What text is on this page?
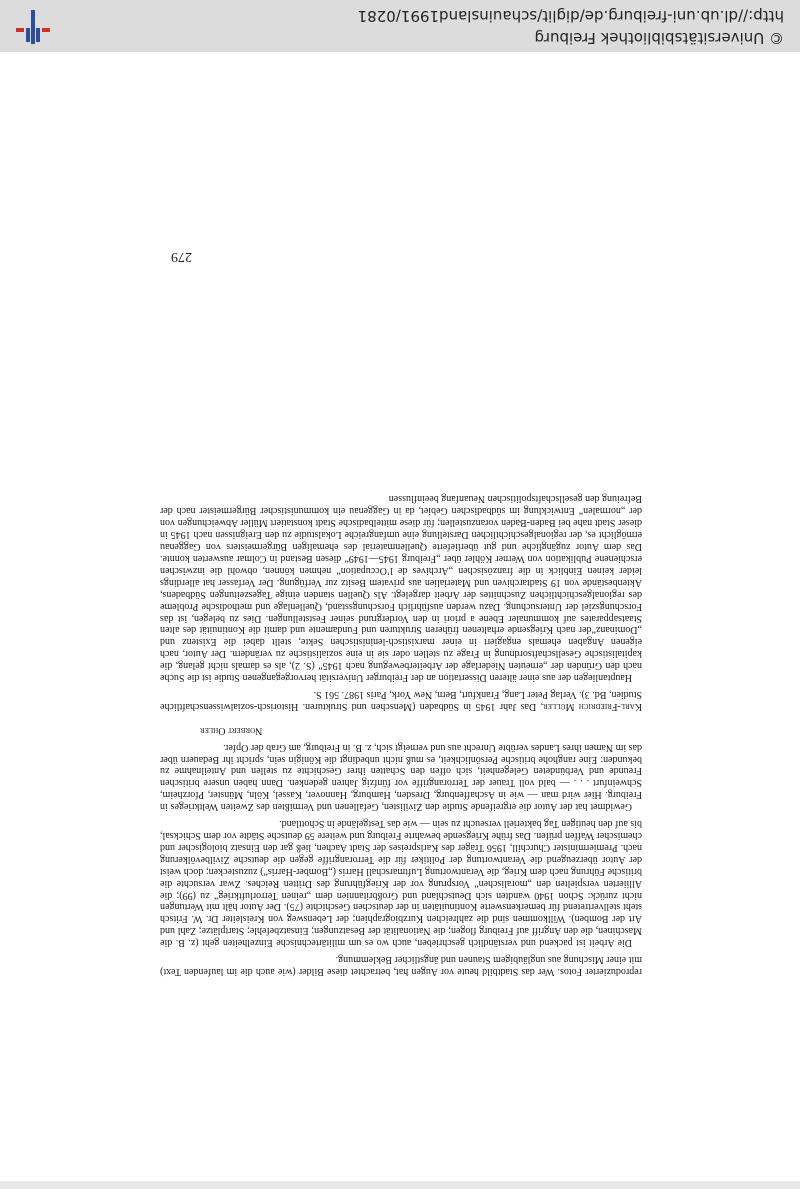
reproduzierter Fotos. Wer das Stadtbild heute vor Augen hat, betrachtet diese Bilder (wie auch die im laufenden Text) mit einer Mischung aus ungläubigem Staunen und ängstlicher Beklemmung.

Die Arbeit ist packend und verständlich geschrieben, auch wo es um militärtechnische Einzelheiten geht (z. B. die Maschinen, die den Angriff auf Freiburg flogen; die Nationalität der Besatzungen; Einsatzbefehle; Startplätze; Zahl und Art der Bomben). Willkommen sind die zahlreichen Kurzbiographien; der Lebensweg von Kreisleiter Dr. W. Fritsch steht stellvertretend für bemerkenswerte Kontinuitäten in der deutschen Geschichte (75). Der Autor hält mit Wertungen nicht zurück: Schon 1940 wandten sich Deutschland und Großbritannien dem „reinen Terrorluftkrieg“ zu (99); die Alliierten verspielten den „moralischen“ Vorsprung vor der Kriegführung des Dritten Reiches. Zwar versuchte die britische Führung nach dem Krieg, die Verantwortung Luftmarschall Harris („Bomber-Harris“) zuzustecken; doch weist der Autor überzeugend die Verantwortung der Politiker für die Terrorangriffe gegen die deutsche Zivilbevölkerung nach. Premierminister Churchill, 1956 Träger des Karlspreises der Stadt Aachen, ließ gar den Einsatz biologischer und chemischer Waffen prüfen. Das frühe Kriegsende bewahrte Freiburg und weitere 59 deutsche Städte vor dem Schicksal, bis auf den heutigen Tag bakteriell verseucht zu sein — wie das Testgelände in Schottland.

Gewidmet hat der Autor die ergreifende Studie den Zivilisten, Gefallenen und Vermißten des Zweiten Weltkrieges in Freiburg. Hier wird man — wie in Aschaffenburg, Dresden, Hamburg, Hannover, Kassel, Köln, Münster, Pforzheim, Schweinfurt . . . — bald voll Trauer der Terrorangriffe vor fünfzig Jahren gedenken. Dann haben unsere britischen Freunde und Verbündeten Gelegenheit, sich offen den Schatten ihrer Geschichte zu stellen und Anteilnahme zu bekunden: Eine ranghohe britische Persönlichkeit, es muß nicht unbedingt die Königin sein, spricht ihr Bedauern über das im Namen ihres Landes verübte Unrecht aus und verneigt sich, z. B. in Freiburg, am Grab der Opfer.

Norbert Ohler

Karl-Friedrich Müller, Das Jahr 1945 in Südbaden (Menschen und Strukturen. Historisch-sozialwissenschaftliche Studien, Bd. 3). Verlag Peter Lang, Frankfurt, Bern, New York, Paris 1987. 561 S.

Hauptanliegen der aus einer älteren Dissertation an der Freiburger Universität hervorgegangenen Studie ist die Suche nach den Gründen der „erneuten Niederlage der Arbeiterbewegung nach 1945“ (S. 2), als es damals nicht gelang, die kapitalistische Gesellschaftsordnung in Frage zu stellen oder sie in eine sozialistische zu verändern. Der Autor, nach eigenen Angaben ehemals engagiert in einer marxistisch-leninistischen Sekte, stellt dabei die Existenz und „Dominanz“der nach Kriegsende erhaltenen früheren Strukturen und Fundamente und damit die Kontinuität des alten Staatsapparates auf kommunaler Ebene a priori in den Vordergrund seiner Feststellungen. Dies zu belegen, ist das Forschungsziel der Untersuchung. Dazu werden ausführlich Forschungsstand, Quellenlage und methodische Probleme des regionalgeschichtlichen Zuschnittes der Arbeit dargelegt. Als Quellen standen einige Tageszeitungen Südbadens, Aktenbestände von 19 Stadtarchiven und Materialien aus privatem Besitz zur Verfügung. Der Verfasser hat allerdings leider keinen Einblick in die französischen „Archives de l’Occupation“ nehmen können, obwohl die inzwischen erschienene Publikation von Werner Köhler über „Freiburg 1945—1949“ diesen Bestand in Colmar auswerten konnte. Das dem Autor zugängliche und gut überlieferte Quellenmaterial des ehemaligen Bürgermeisters von Gaggenau ermöglicht es, der regionalgeschichtlichen Darstellung eine umfangreiche Lokalstudie zu den Ereignissen nach 1945 in dieser Stadt nahe bei Baden-Baden voranzustellen; für diese mittelbadische Stadt konstatiert Müller Abweichungen von der „normalen“ Entwicklung im südbadischen Gebiet, da in Gaggenau ein kommunistischer Bürgermeister nach der Befreiung den gesellschaftspolitischen Neuanfang beeinflussen

279
© Universitätsbibliothek Freiburg
http://dl.ub.uni-freiburg.de/diglit/schauinsland1991/0281
